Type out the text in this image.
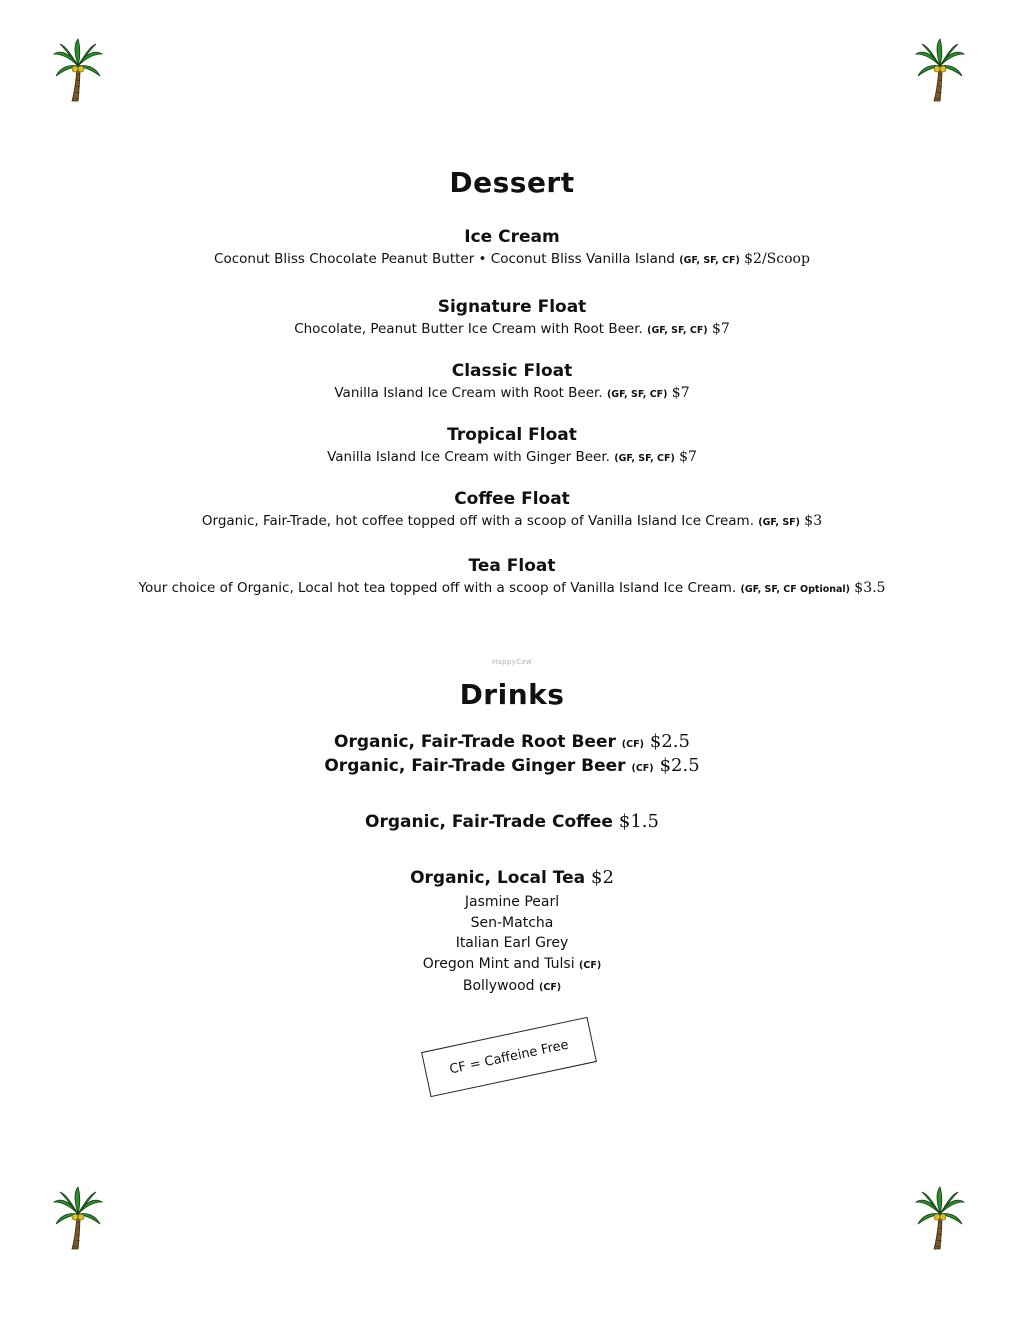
Dessert
Ice Cream
Coconut Bliss Chocolate Peanut Butter • Coconut Bliss Vanilla Island (GF, SF, CF) $2/Scoop
Signature Float
Chocolate, Peanut Butter Ice Cream with Root Beer. (GF, SF, CF) $7
Classic Float
Vanilla Island Ice Cream with Root Beer. (GF, SF, CF) $7
Tropical Float
Vanilla Island Ice Cream with Ginger Beer. (GF, SF, CF) $7
Coffee Float
Organic, Fair-Trade, hot coffee topped off with a scoop of Vanilla Island Ice Cream. (GF, SF) $3
Tea Float
Your choice of Organic, Local hot tea topped off with a scoop of Vanilla Island Ice Cream. (GF, SF, CF Optional) $3.5
HappyCow
Drinks
Organic, Fair-Trade Root Beer (CF) $2.5
Organic, Fair-Trade Ginger Beer (CF) $2.5
Organic, Fair-Trade Coffee $1.5
Organic, Local Tea $2
Jasmine Pearl
Sen-Matcha
Italian Earl Grey
Oregon Mint and Tulsi (CF)
Bollywood (CF)
CF = Caffeine Free
